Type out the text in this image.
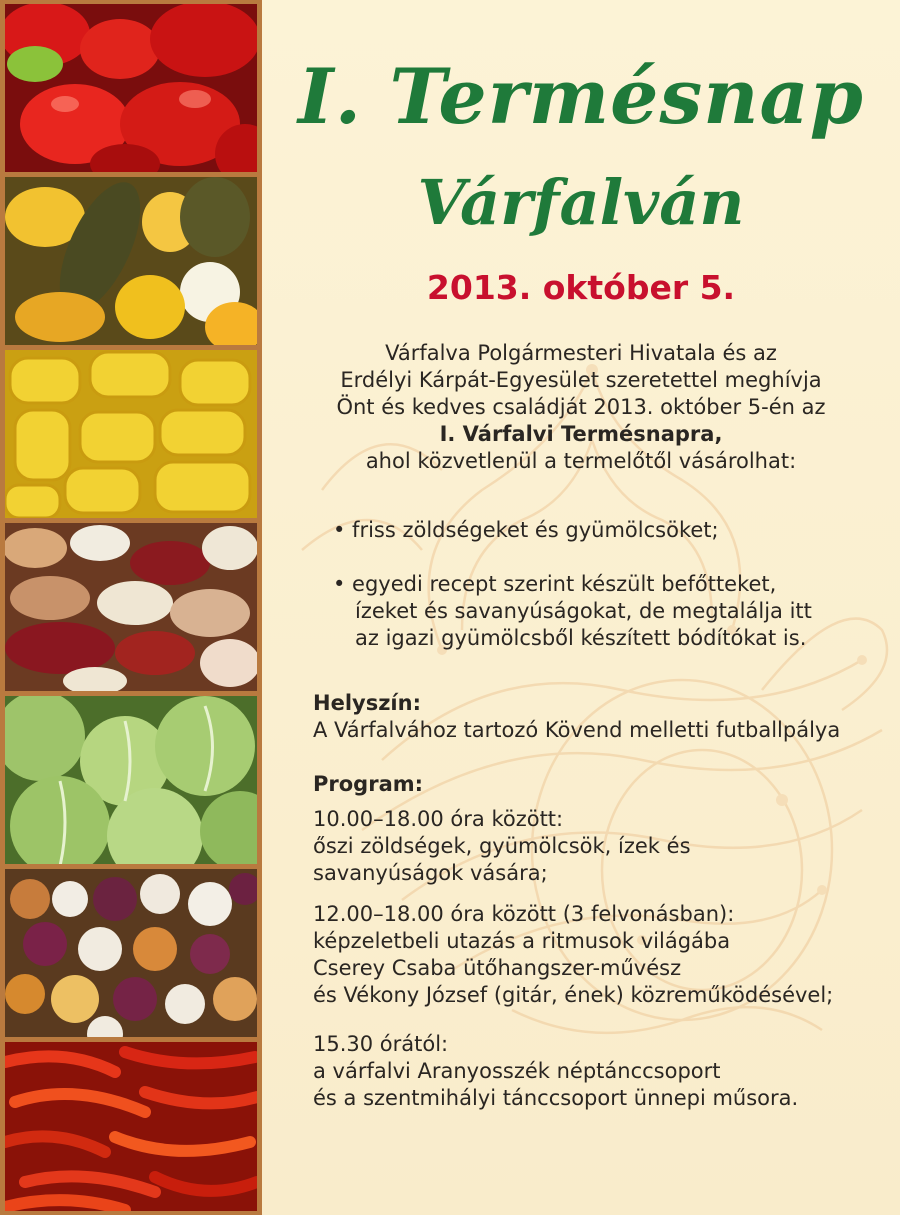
I. Termésnap
Várfalván
2013. október 5.
Várfalva Polgármesteri Hivatala és az
Erdélyi Kárpát-Egyesület szeretettel meghívja
Önt és kedves családját 2013. október 5-én az
I. Várfalvi Termésnapra,
ahol közvetlenül a termelőtől vásárolhat:
• friss zöldségeket és gyümölcsöket;
• egyedi recept szerint készült befőtteket,
ízeket és savanyúságokat, de megtalálja itt
az igazi gyümölcsből készített bódítókat is.
Helyszín:
A Várfalvához tartozó Kövend melletti futballpálya
Program:
10.00–18.00 óra között:
őszi zöldségek, gyümölcsök, ízek és
savanyúságok vására;
12.00–18.00 óra között (3 felvonásban):
képzeletbeli utazás a ritmusok világába
Cserey Csaba ütőhangszer-művész
és Vékony József (gitár, ének) közreműködésével;
15.30 órától:
a várfalvi Aranyosszék néptánccsoport
és a szentmihályi tánccsoport ünnepi műsora.
